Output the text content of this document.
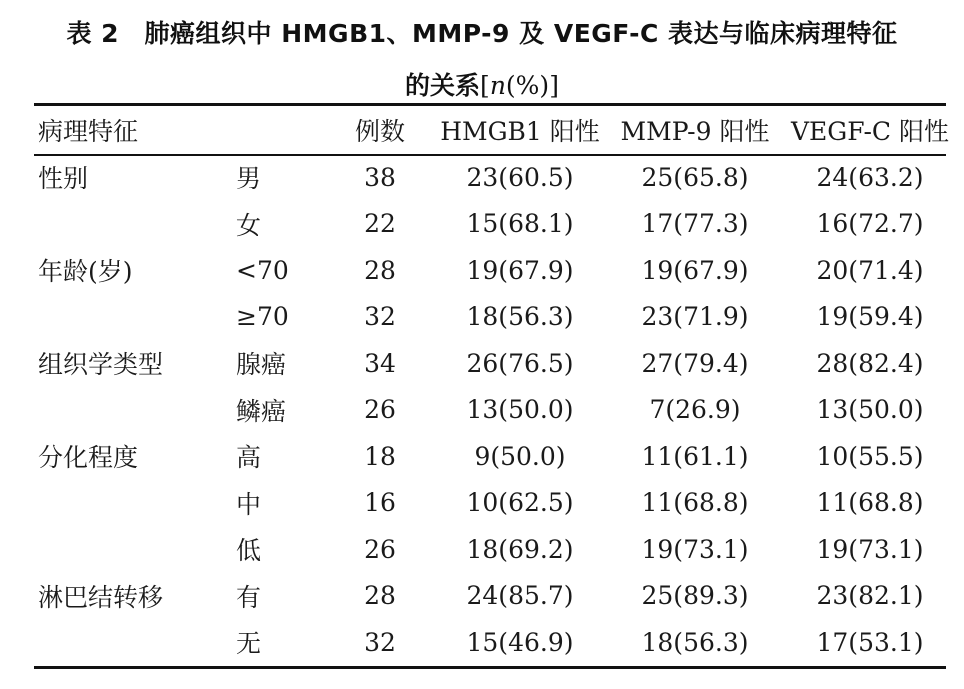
表 2　肺癌组织中 HMGB1、MMP-9 及 VEGF-C 表达与临床病理特征
的关系[n(%)]
病理特征		例数	HMGB1 阳性	MMP-9 阳性	VEGF-C 阳性
性别	男	38	23(60.5)	25(65.8)	24(63.2)
	女	22	15(68.1)	17(77.3)	16(72.7)
年龄(岁)	<70	28	19(67.9)	19(67.9)	20(71.4)
	≥70	32	18(56.3)	23(71.9)	19(59.4)
组织学类型	腺癌	34	26(76.5)	27(79.4)	28(82.4)
	鳞癌	26	13(50.0)	7(26.9)	13(50.0)
分化程度	高	18	9(50.0)	11(61.1)	10(55.5)
	中	16	10(62.5)	11(68.8)	11(68.8)
	低	26	18(69.2)	19(73.1)	19(73.1)
淋巴结转移	有	28	24(85.7)	25(89.3)	23(82.1)
	无	32	15(46.9)	18(56.3)	17(53.1)
